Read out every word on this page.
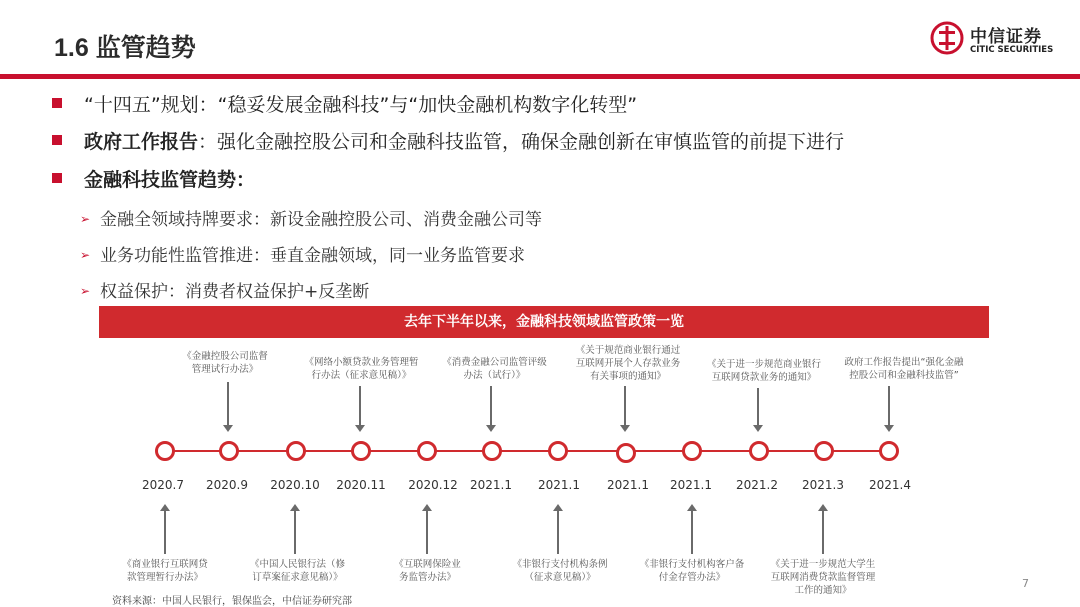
1.6 监管趋势	中信证券
CITIC SECURITIES
“十四五”规划：“稳妥发展金融科技”与“加快金融机构数字化转型”
政府工作报告：强化金融控股公司和金融科技监管，确保金融创新在审慎监管的前提下进行
金融科技监管趋势：
➢ 金融全领域持牌要求：新设金融控股公司、消费金融公司等
➢ 业务功能性监管推进：垂直金融领域，同一业务监管要求
➢ 权益保护：消费者权益保护+反垄断
去年下半年以来，金融科技领域监管政策一览
2020.7	2020.9	2020.10	2020.11	2020.12	2021.1	2021.1	2021.1	2021.1	2021.2	2021.3	2021.4
《金融控股公司监督
管理试行办法》
《网络小额贷款业务管理暂
行办法（征求意见稿）》
《消费金融公司监管评级
办法（试行）》
《关于规范商业银行通过
互联网开展个人存款业务
有关事项的通知》
《关于进一步规范商业银行
互联网贷款业务的通知》
政府工作报告提出“强化金融
控股公司和金融科技监管”
《商业银行互联网贷
款管理暂行办法》
《中国人民银行法（修
订草案征求意见稿）》
《互联网保险业
务监管办法》
《非银行支付机构条例
（征求意见稿）》
《非银行支付机构客户备
付金存管办法》
《关于进一步规范大学生
互联网消费贷款监督管理
工作的通知》
资料来源：中国人民银行，银保监会，中信证券研究部
7
